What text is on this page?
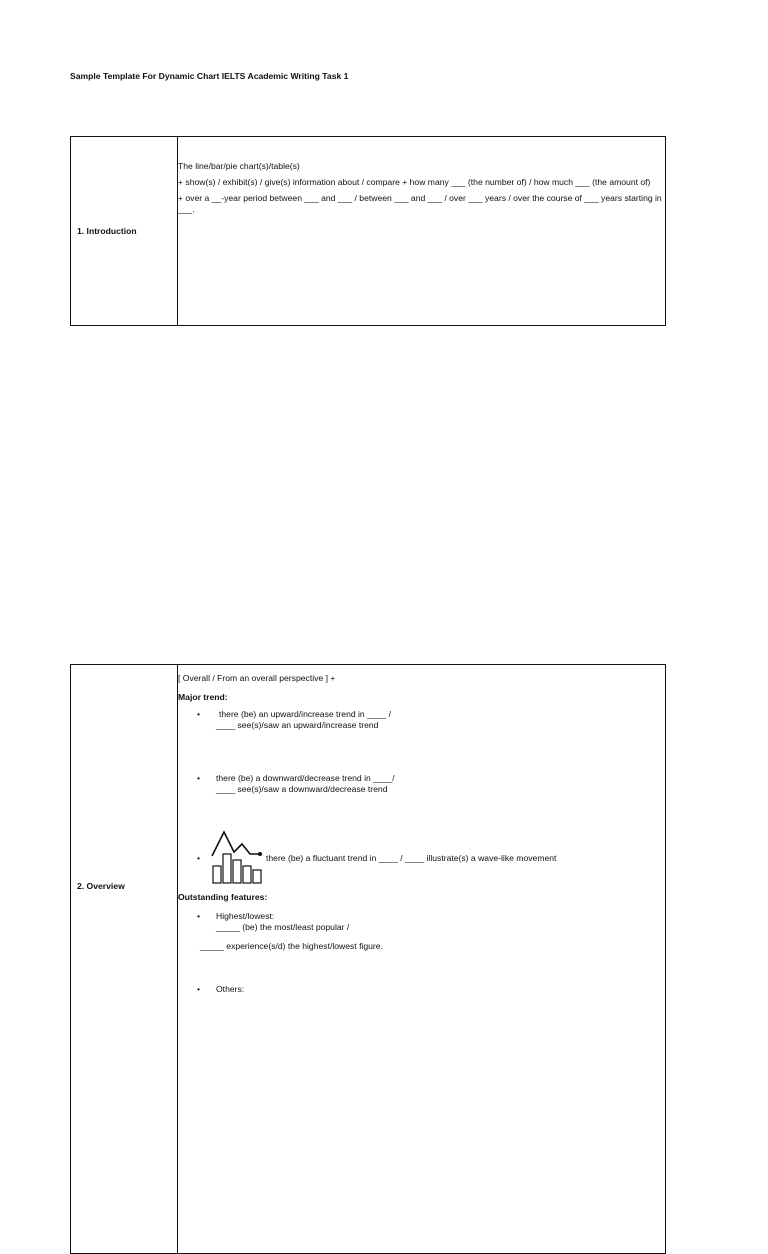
Sample Template For Dynamic Chart IELTS Academic Writing Task 1
1. Introduction	

The line/bar/pie chart(s)/table(s)

+ show(s) / exhibit(s) / give(s) information about / compare + how many ___ (the number of) / how much ___ (the amount of)

+ over a __-year period between ___ and ___ / between ___ and ___ / over ___ years / over the course of ___ years starting in ___.

2. Overview	

[ Overall / From an overall perspective ] +

Major trend:

•	there (be) an upward/increase trend in ____ /
____ see(s)/saw an upward/increase trend
• there (be) a downward/decrease trend in ____/
____ see(s)/saw a downward/decrease trend
•	there (be) a fluctuant trend in ____ / ____ illustrate(s) a wave-like movement

Outstanding features:

• Highest/lowest:
_____ (be) the most/least popular /
_____ experience(s/d) the highest/lowest figure.
• Others:
